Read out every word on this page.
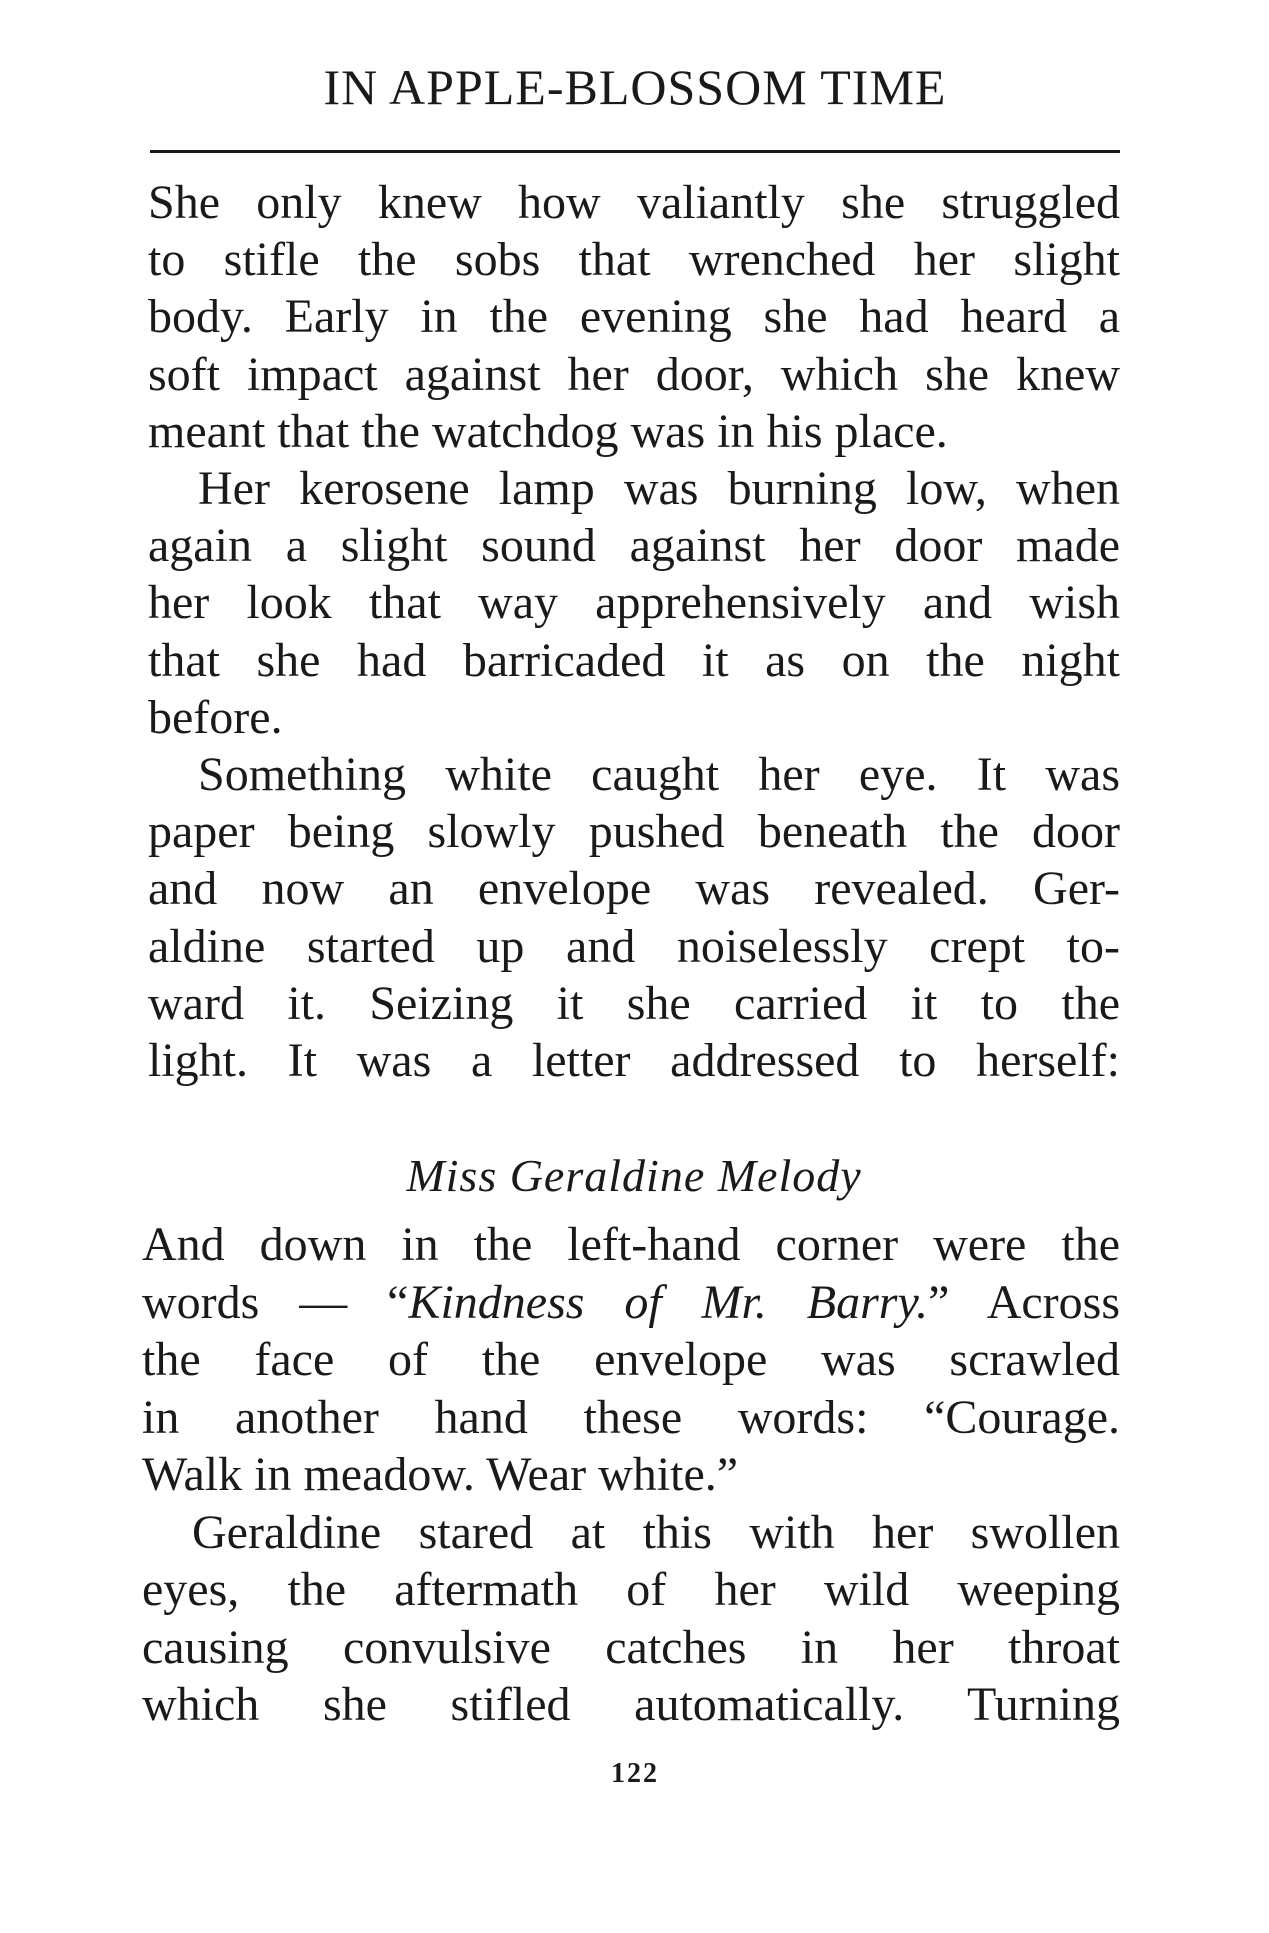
IN APPLE-BLOSSOM TIME
She only knew how valiantly she struggled
to stifle the sobs that wrenched her slight
body. Early in the evening she had heard a
soft impact against her door, which she knew
meant that the watchdog was in his place.
Her kerosene lamp was burning low, when
again a slight sound against her door made
her look that way apprehensively and wish
that she had barricaded it as on the night
before.
Something white caught her eye. It was
paper being slowly pushed beneath the door
and now an envelope was revealed. Ger-
aldine started up and noiselessly crept to-
ward it. Seizing it she carried it to the
light. It was a letter addressed to herself:
Miss Geraldine Melody
And down in the left-hand corner were the
words — “Kindness of Mr. Barry.” Across
the face of the envelope was scrawled
in another hand these words: “Courage.
Walk in meadow. Wear white.”
Geraldine stared at this with her swollen
eyes, the aftermath of her wild weeping
causing convulsive catches in her throat
which she stifled automatically. Turning
122
